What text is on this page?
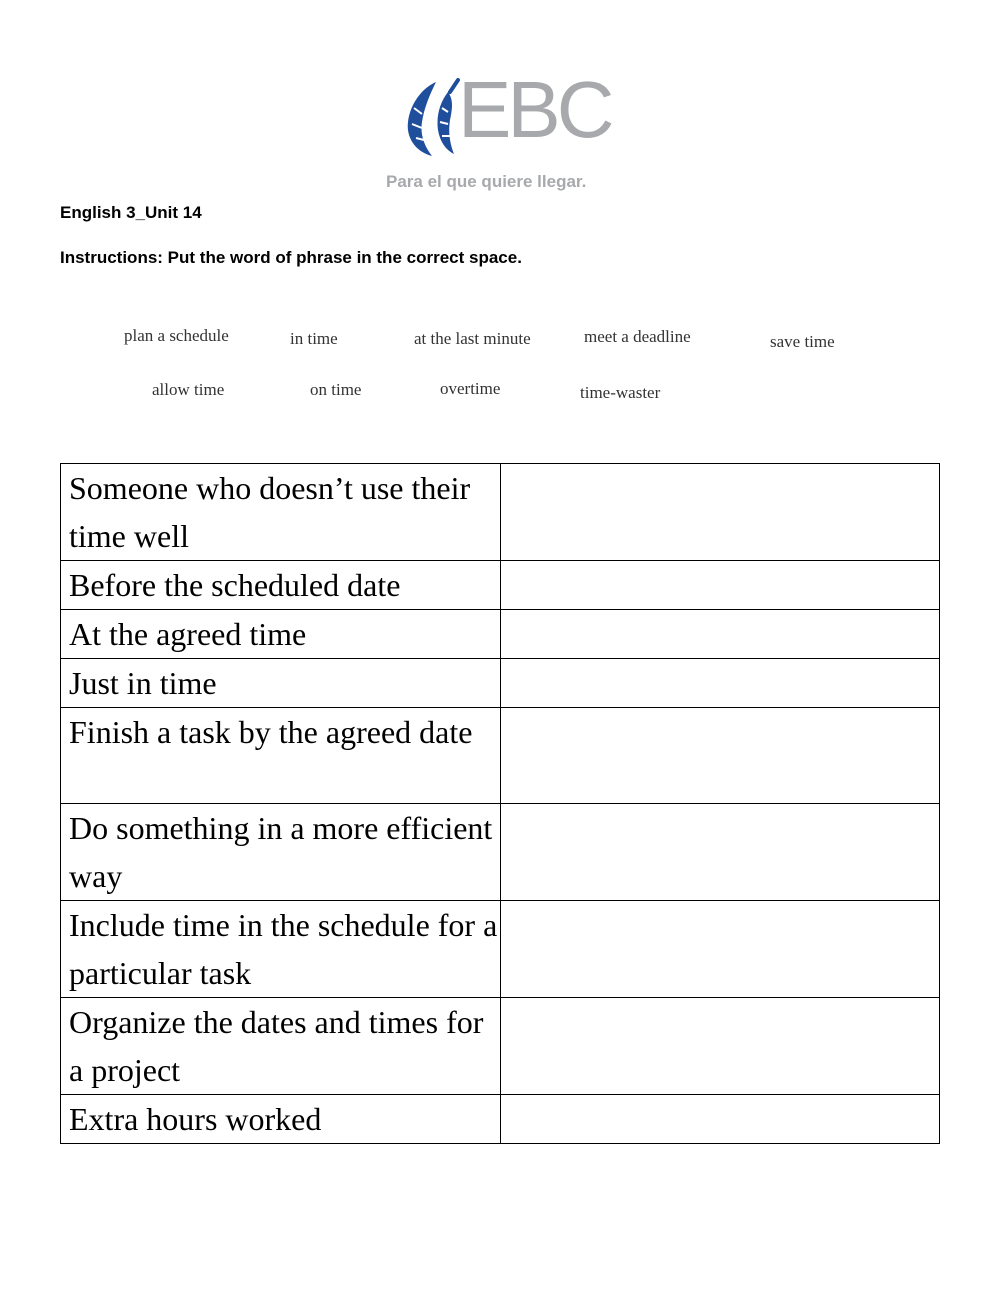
EBC
Para el que quiere llegar.

English 3_Unit 14

Instructions: Put the word of phrase in the correct space.

plan a schedule	in time	at the last minute	meet a deadline	save time
allow time	on time	overtime	time-waster
Someone who doesn’t use their time well	

Before the scheduled date	

At the agreed time	

Just in time	

Finish a task by the agreed date	

Do something in a more efficient way	

Include time in the schedule for a particular task	

Organize the dates and times for a project	

Extra hours worked	
